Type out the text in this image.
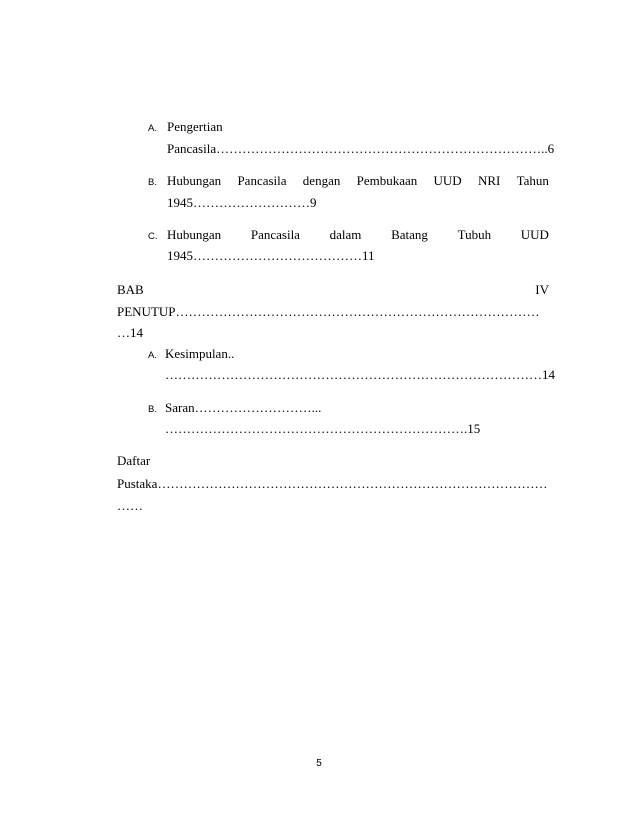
A. Pengertian
Pancasila…………………………………………………………………..6
B. Hubungan Pancasila dengan Pembukaan UUD NRI Tahun
1945………………………9
C. Hubungan Pancasila dalam Batang Tubuh UUD
1945…………………………………11
BAB	IV
PENUTUP…………………………………………………………………………
…14
A. Kesimpulan..
……………………………………………………………………………14
B. Saran………………………...
…………………………………………………………….15
Daftar
Pustaka………………………………………………………………………………
……
5
